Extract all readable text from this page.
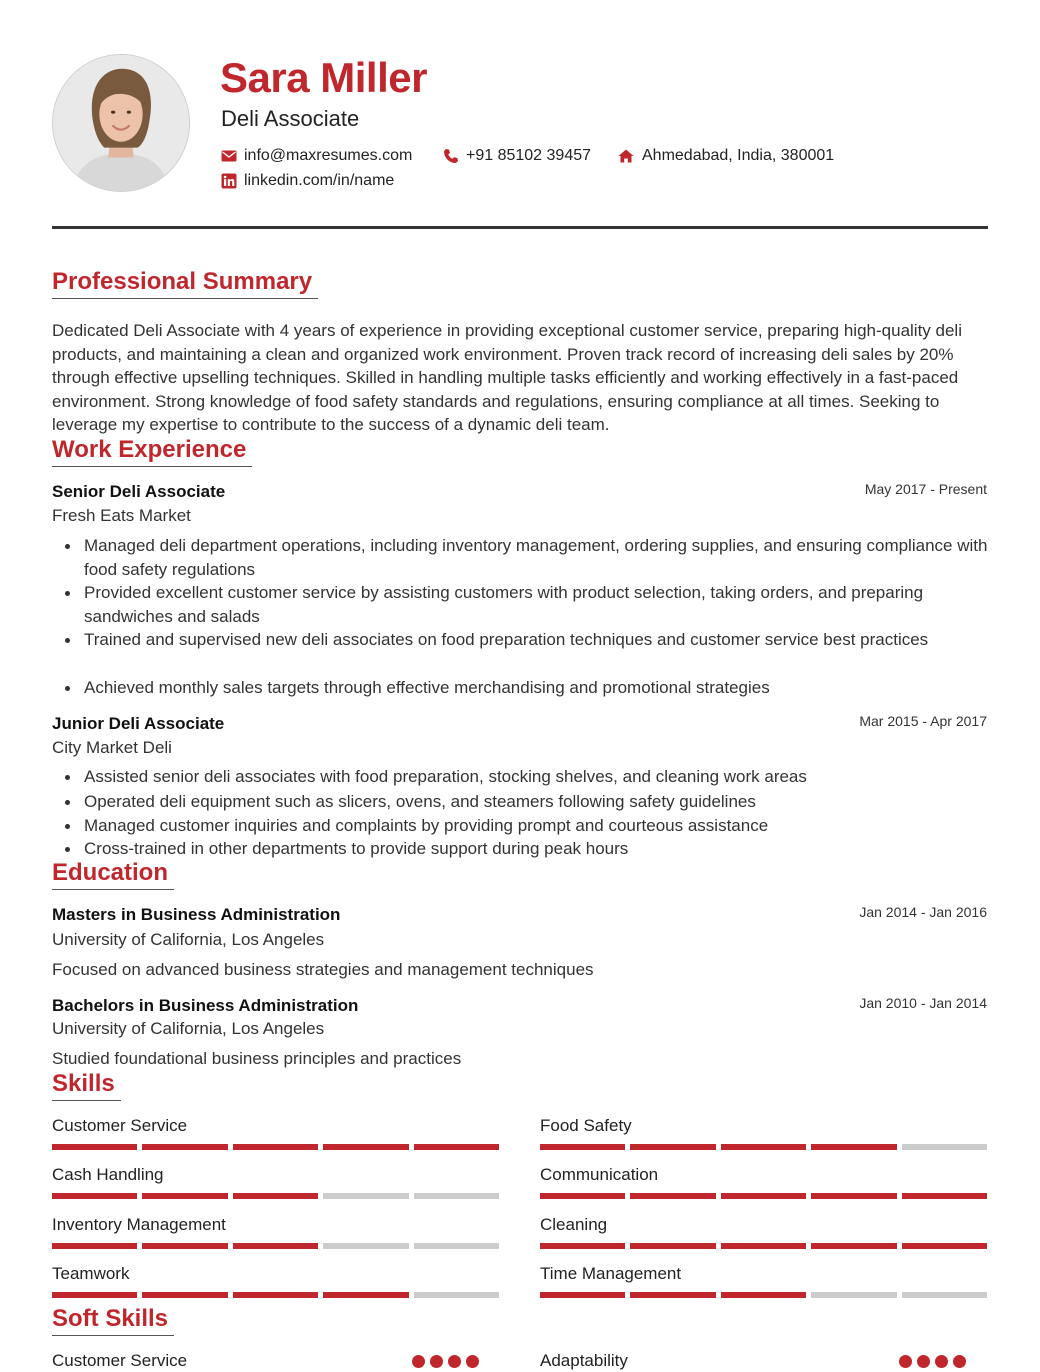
Sara Miller
Deli Associate
info@maxresumes.com	+91 85102 39457	Ahmedabad, India, 380001
linkedin.com/in/name
Professional Summary
Dedicated Deli Associate with 4 years of experience in providing exceptional customer service, preparing high-quality deli products, and maintaining a clean and organized work environment. Proven track record of increasing deli sales by 20% through effective upselling techniques. Skilled in handling multiple tasks efficiently and working effectively in a fast-paced environment. Strong knowledge of food safety standards and regulations, ensuring compliance at all times. Seeking to leverage my expertise to contribute to the success of a dynamic deli team.
Work Experience
Senior Deli Associate	May 2017 - Present
Fresh Eats Market
Managed deli department operations, including inventory management, ordering supplies, and ensuring compliance with food safety regulations
Provided excellent customer service by assisting customers with product selection, taking orders, and preparing sandwiches and salads
Trained and supervised new deli associates on food preparation techniques and customer service best practices
Achieved monthly sales targets through effective merchandising and promotional strategies
Junior Deli Associate	Mar 2015 - Apr 2017
City Market Deli
Assisted senior deli associates with food preparation, stocking shelves, and cleaning work areas
Operated deli equipment such as slicers, ovens, and steamers following safety guidelines
Managed customer inquiries and complaints by providing prompt and courteous assistance
Cross-trained in other departments to provide support during peak hours
Education
Masters in Business Administration	Jan 2014 - Jan 2016
University of California, Los Angeles
Focused on advanced business strategies and management techniques
Bachelors in Business Administration	Jan 2010 - Jan 2014
University of California, Los Angeles
Studied foundational business principles and practices
Skills
Customer Service	Food Safety
Cash Handling	Communication
Inventory Management	Cleaning
Teamwork	Time Management
Soft Skills
Customer Service	Adaptability
